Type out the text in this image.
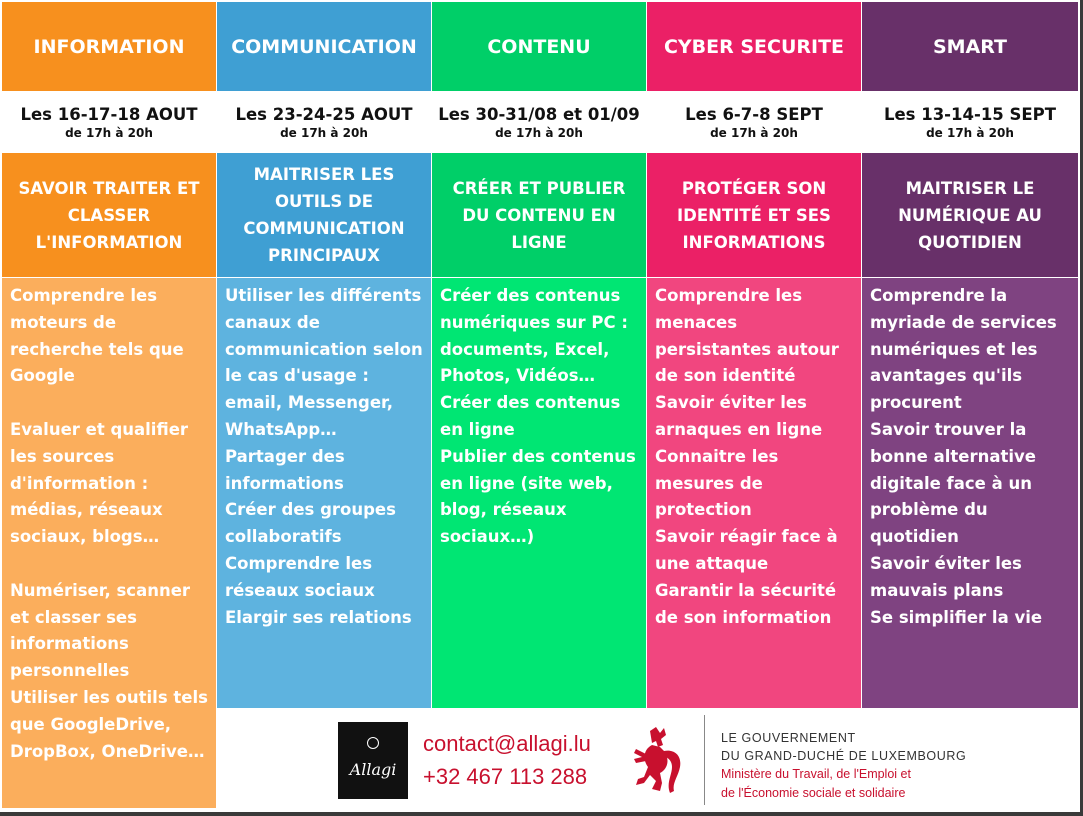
INFORMATION
Les 16-17-18 AOUT
de 17h à 20h
SAVOIR TRAITER ET CLASSER L'INFORMATION

Comprendre les moteurs de recherche tels que Google

Evaluer et qualifier les sources d'information : médias, réseaux sociaux, blogs…

Numériser, scanner et classer ses informations personnelles

Utiliser les outils tels que GoogleDrive, DropBox, OneDrive…

COMMUNICATION
Les 23-24-25 AOUT
de 17h à 20h
MAITRISER LES OUTILS DE COMMUNICATION PRINCIPAUX

Utiliser les différents canaux de communication selon le cas d'usage : email, Messenger, WhatsApp…

Partager des informations

Créer des groupes collaboratifs

Comprendre les réseaux sociaux

Elargir ses relations

CONTENU
Les 30-31/08 et 01/09
de 17h à 20h
CRÉER ET PUBLIER DU CONTENU EN LIGNE

Créer des contenus numériques sur PC : documents, Excel, Photos, Vidéos…

Créer des contenus en ligne

Publier des contenus en ligne (site web, blog, réseaux sociaux…)

CYBER SECURITE
Les 6-7-8 SEPT
de 17h à 20h
PROTÉGER SON IDENTITÉ ET SES INFORMATIONS

Comprendre les menaces persistantes autour de son identité

Savoir éviter les arnaques en ligne

Connaitre les mesures de protection

Savoir réagir face à une attaque

Garantir la sécurité de son information

SMART
Les 13-14-15 SEPT
de 17h à 20h
MAITRISER LE NUMÉRIQUE AU QUOTIDIEN

Comprendre la myriade de services numériques et les avantages qu'ils procurent

Savoir trouver la bonne alternative digitale face à un problème du quotidien

Savoir éviter les mauvais plans

Se simplifier la vie

Allagi
contact@allagi.lu
+32 467 113 288
LE GOUVERNEMENT
DU GRAND-DUCHÉ DE LUXEMBOURG
Ministère du Travail, de l'Emploi et
de l'Économie sociale et solidaire
